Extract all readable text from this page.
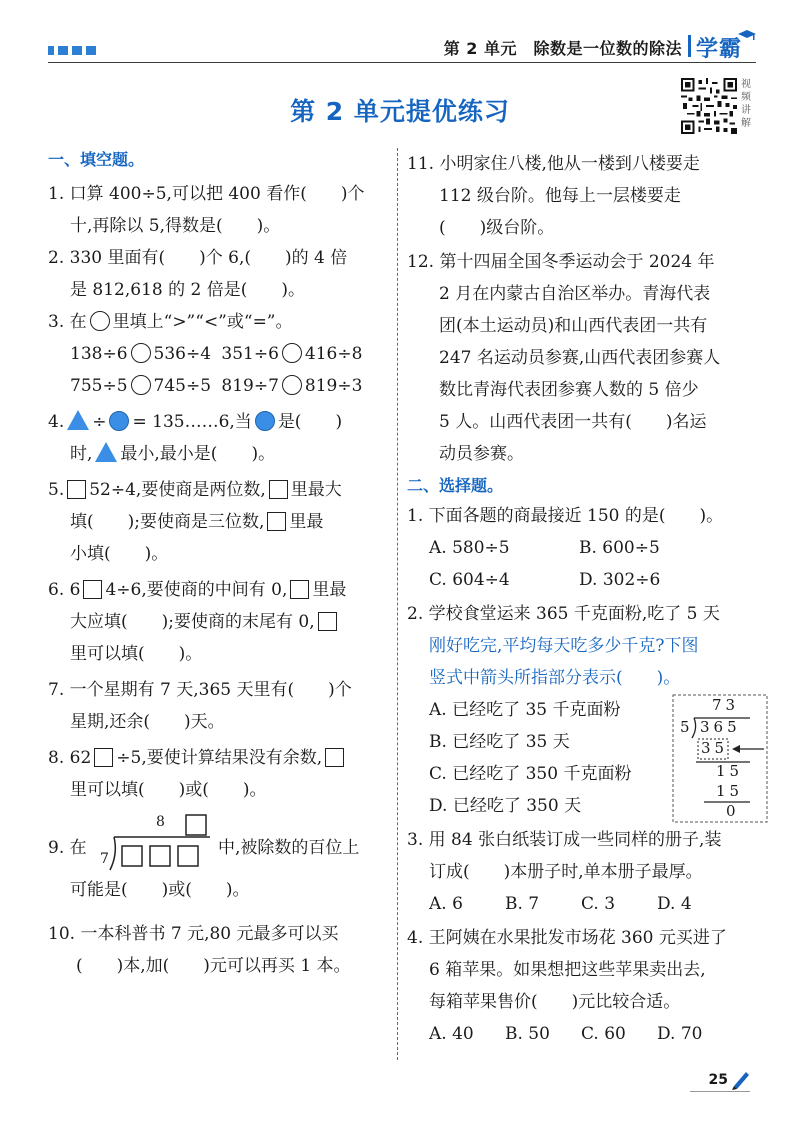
第 2 单元　除数是一位数的除法 学霸
第 2 单元提优练习
视频讲解
一、填空题。
1. 口算 400÷5,可以把 400 看作(　　)个
十,再除以 5,得数是(　　)。
2. 330 里面有(　　)个 6,(　　)的 4 倍
是 812,618 的 2 倍是(　　)。
3. 在 里填上“>”“<”或“=”。
138÷6 536÷4 351÷6 416÷8
755÷5 745÷5 819÷7 819÷3
4. ÷ = 135……6,当 是(　　)
时, 最小,最小是(　　)。
5. 52÷4,要使商是两位数, 里最大
填(　　);要使商是三位数, 里最
小填(　　)。
6. 6 4÷6,要使商的中间有 0, 里最
大应填(　　);要使商的末尾有 0,
里可以填(　　)。
7. 一个星期有 7 天,365 天里有(　　)个
星期,还余(　　)天。
8. 62 ÷5,要使计算结果没有余数,
里可以填(　　)或(　　)。
9. 在
8
7
中,被除数的百位上
可能是(　　)或(　　)。
10. 一本科普书 7 元,80 元最多可以买
(　　)本,加(　　)元可以再买 1 本。
11. 小明家住八楼,他从一楼到八楼要走
112 级台阶。他每上一层楼要走
(　　)级台阶。
12. 第十四届全国冬季运动会于 2024 年
2 月在内蒙古自治区举办。青海代表
团(本土运动员)和山西代表团一共有
247 名运动员参赛,山西代表团参赛人
数比青海代表团参赛人数的 5 倍少
5 人。山西代表团一共有(　　)名运
动员参赛。
二、选择题。
1. 下面各题的商最接近 150 的是(　　)。
A. 580÷5	B. 600÷5
C. 604÷4	D. 302÷6
2. 学校食堂运来 365 千克面粉,吃了 5 天
刚好吃完,平均每天吃多少千克?下图
竖式中箭头所指部分表示(　　)。
A. 已经吃了 35 千克面粉
B. 已经吃了 35 天
C. 已经吃了 350 千克面粉
D. 已经吃了 350 天
73
5 365
35
15
15
0
3. 用 84 张白纸装订成一些同样的册子,装
订成(　　)本册子时,单本册子最厚。
A. 6 B. 7 C. 3 D. 4
4. 王阿姨在水果批发市场花 360 元买进了
6 箱苹果。如果想把这些苹果卖出去,
每箱苹果售价(　　)元比较合适。
A. 40 B. 50 C. 60 D. 70
25
